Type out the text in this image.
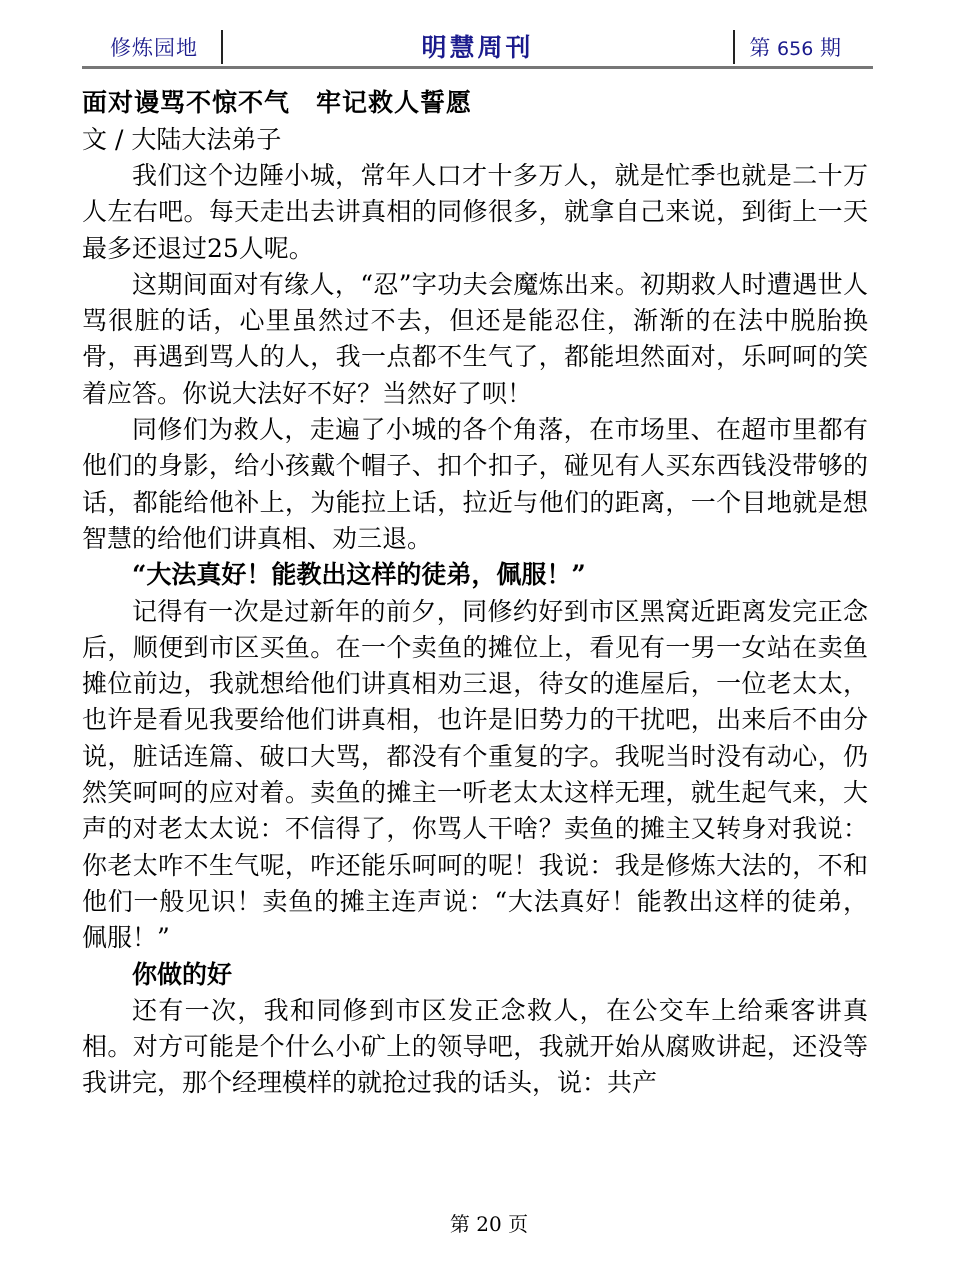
修炼园地	明慧周刊	第 656 期
面对谩骂不惊不气　牢记救人誓愿

文 / 大陆大法弟子

我们这个边陲小城，常年人口才十多万人，就是忙季也就是二十万人左右吧。每天走出去讲真相的同修很多，就拿自己来说，到街上一天最多还退过25人呢。

这期间面对有缘人，“忍”字功夫会魔炼出来。初期救人时遭遇世人骂很脏的话，心里虽然过不去，但还是能忍住，渐渐的在法中脱胎换骨，再遇到骂人的人，我一点都不生气了，都能坦然面对，乐呵呵的笑着应答。你说大法好不好？当然好了呗！

同修们为救人，走遍了小城的各个角落，在市场里、在超市里都有他们的身影，给小孩戴个帽子、扣个扣子，碰见有人买东西钱没带够的话，都能给他补上，为能拉上话，拉近与他们的距离，一个目地就是想智慧的给他们讲真相、劝三退。

“大法真好！能教出这样的徒弟，佩服！”

记得有一次是过新年的前夕，同修约好到市区黑窝近距离发完正念后，顺便到市区买鱼。在一个卖鱼的摊位上，看见有一男一女站在卖鱼摊位前边，我就想给他们讲真相劝三退，待女的進屋后，一位老太太，也许是看见我要给他们讲真相，也许是旧势力的干扰吧，出来后不由分说，脏话连篇、破口大骂，都没有个重复的字。我呢当时没有动心，仍然笑呵呵的应对着。卖鱼的摊主一听老太太这样无理，就生起气来，大声的对老太太说：不信得了，你骂人干啥？卖鱼的摊主又转身对我说：你老太咋不生气呢，咋还能乐呵呵的呢！我说：我是修炼大法的，不和他们一般见识！卖鱼的摊主连声说：“大法真好！能教出这样的徒弟，佩服！”

你做的好

还有一次，我和同修到市区发正念救人，在公交车上给乘客讲真相。对方可能是个什么小矿上的领导吧，我就开始从腐败讲起，还没等我讲完，那个经理模样的就抢过我的话头，说：共产

第 20 页
